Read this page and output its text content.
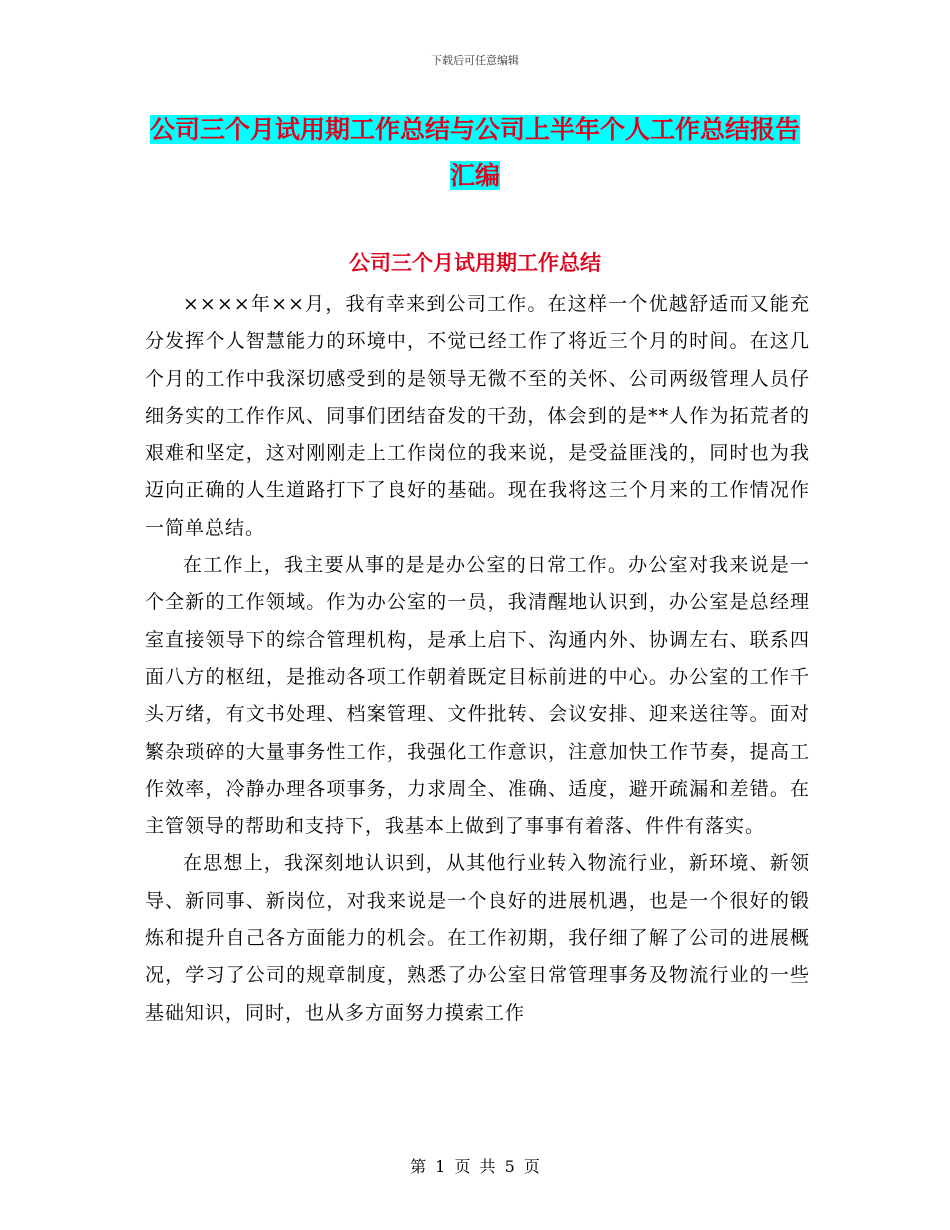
下载后可任意编辑
公司三个月试用期工作总结与公司上半年个人工作总结报告汇编
公司三个月试用期工作总结

××××年××月，我有幸来到公司工作。在这样一个优越舒适而又能充分发挥个人智慧能力的环境中，不觉已经工作了将近三个月的时间。在这几个月的工作中我深切感受到的是领导无微不至的关怀、公司两级管理人员仔细务实的工作作风、同事们团结奋发的干劲，体会到的是**人作为拓荒者的艰难和坚定，这对刚刚走上工作岗位的我来说，是受益匪浅的，同时也为我迈向正确的人生道路打下了良好的基础。现在我将这三个月来的工作情况作一简单总结。

在工作上，我主要从事的是是办公室的日常工作。办公室对我来说是一个全新的工作领域。作为办公室的一员，我清醒地认识到，办公室是总经理室直接领导下的综合管理机构，是承上启下、沟通内外、协调左右、联系四面八方的枢纽，是推动各项工作朝着既定目标前进的中心。办公室的工作千头万绪，有文书处理、档案管理、文件批转、会议安排、迎来送往等。面对繁杂琐碎的大量事务性工作，我强化工作意识，注意加快工作节奏，提高工作效率，冷静办理各项事务，力求周全、准确、适度，避开疏漏和差错。在主管领导的帮助和支持下，我基本上做到了事事有着落、件件有落实。

在思想上，我深刻地认识到，从其他行业转入物流行业，新环境、新领导、新同事、新岗位，对我来说是一个良好的进展机遇，也是一个很好的锻炼和提升自己各方面能力的机会。在工作初期，我仔细了解了公司的进展概况，学习了公司的规章制度，熟悉了办公室日常管理事务及物流行业的一些基础知识，同时，也从多方面努力摸索工作

第 1 页 共 5 页
